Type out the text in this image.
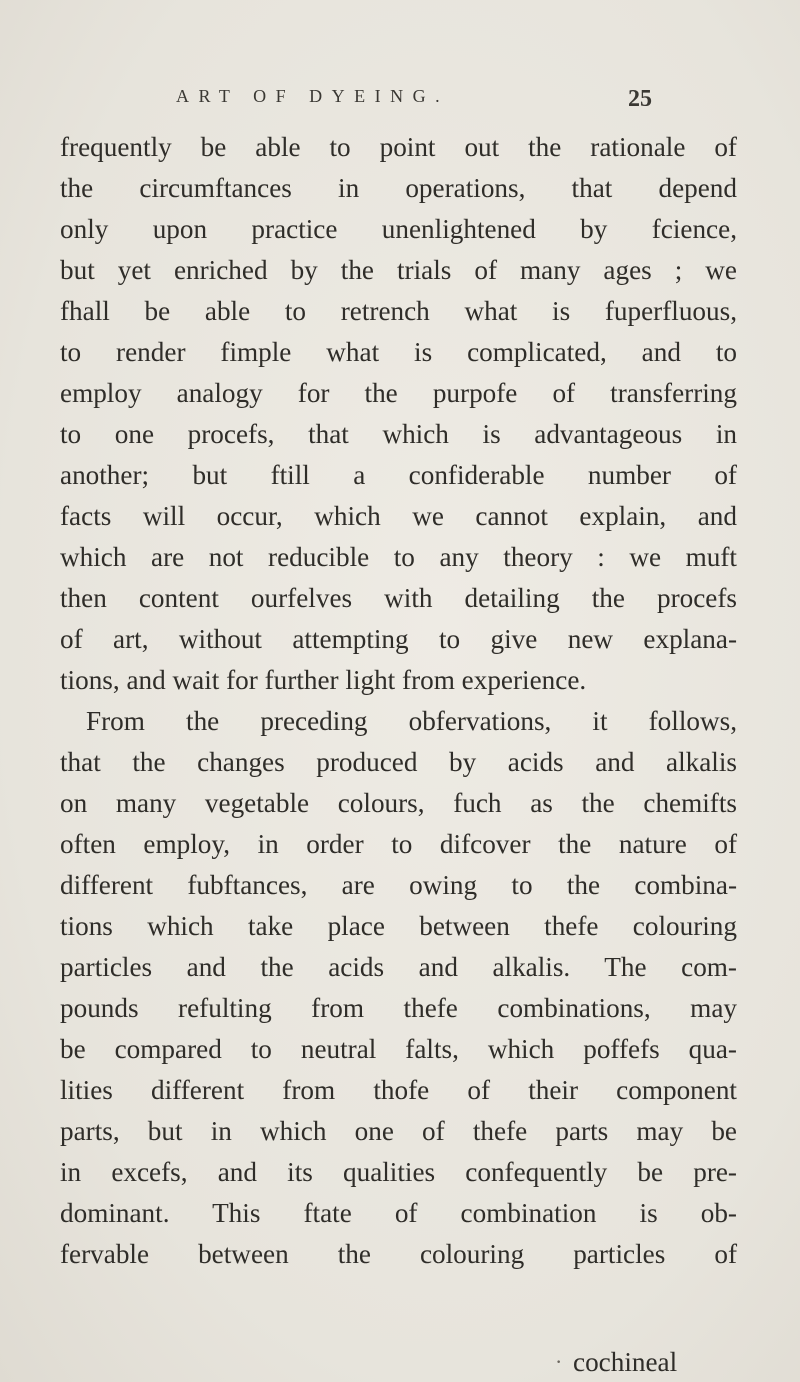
ART OF DYEING.	25
frequently be able to point out the rationale of
the circumftances in operations, that depend
only upon practice unenlightened by fcience,
but yet enriched by the trials of many ages ; we
fhall be able to retrench what is fuperfluous,
to render fimple what is complicated, and to
employ analogy for the purpofe of transferring
to one procefs, that which is advantageous in
another; but ftill a confiderable number of
facts will occur, which we cannot explain, and
which are not reducible to any theory : we muft
then content ourfelves with detailing the procefs
of art, without attempting to give new explana-
tions, and wait for further light from experience.
From the preceding obfervations, it follows,
that the changes produced by acids and alkalis
on many vegetable colours, fuch as the chemifts
often employ, in order to difcover the nature of
different fubftances, are owing to the combina-
tions which take place between thefe colouring
particles and the acids and alkalis. The com-
pounds refulting from thefe combinations, may
be compared to neutral falts, which poffefs qua-
lities different from thofe of their component
parts, but in which one of thefe parts may be
in excefs, and its qualities confequently be pre-
dominant. This ftate of combination is ob-
fervable between the colouring particles of
· cochineal
